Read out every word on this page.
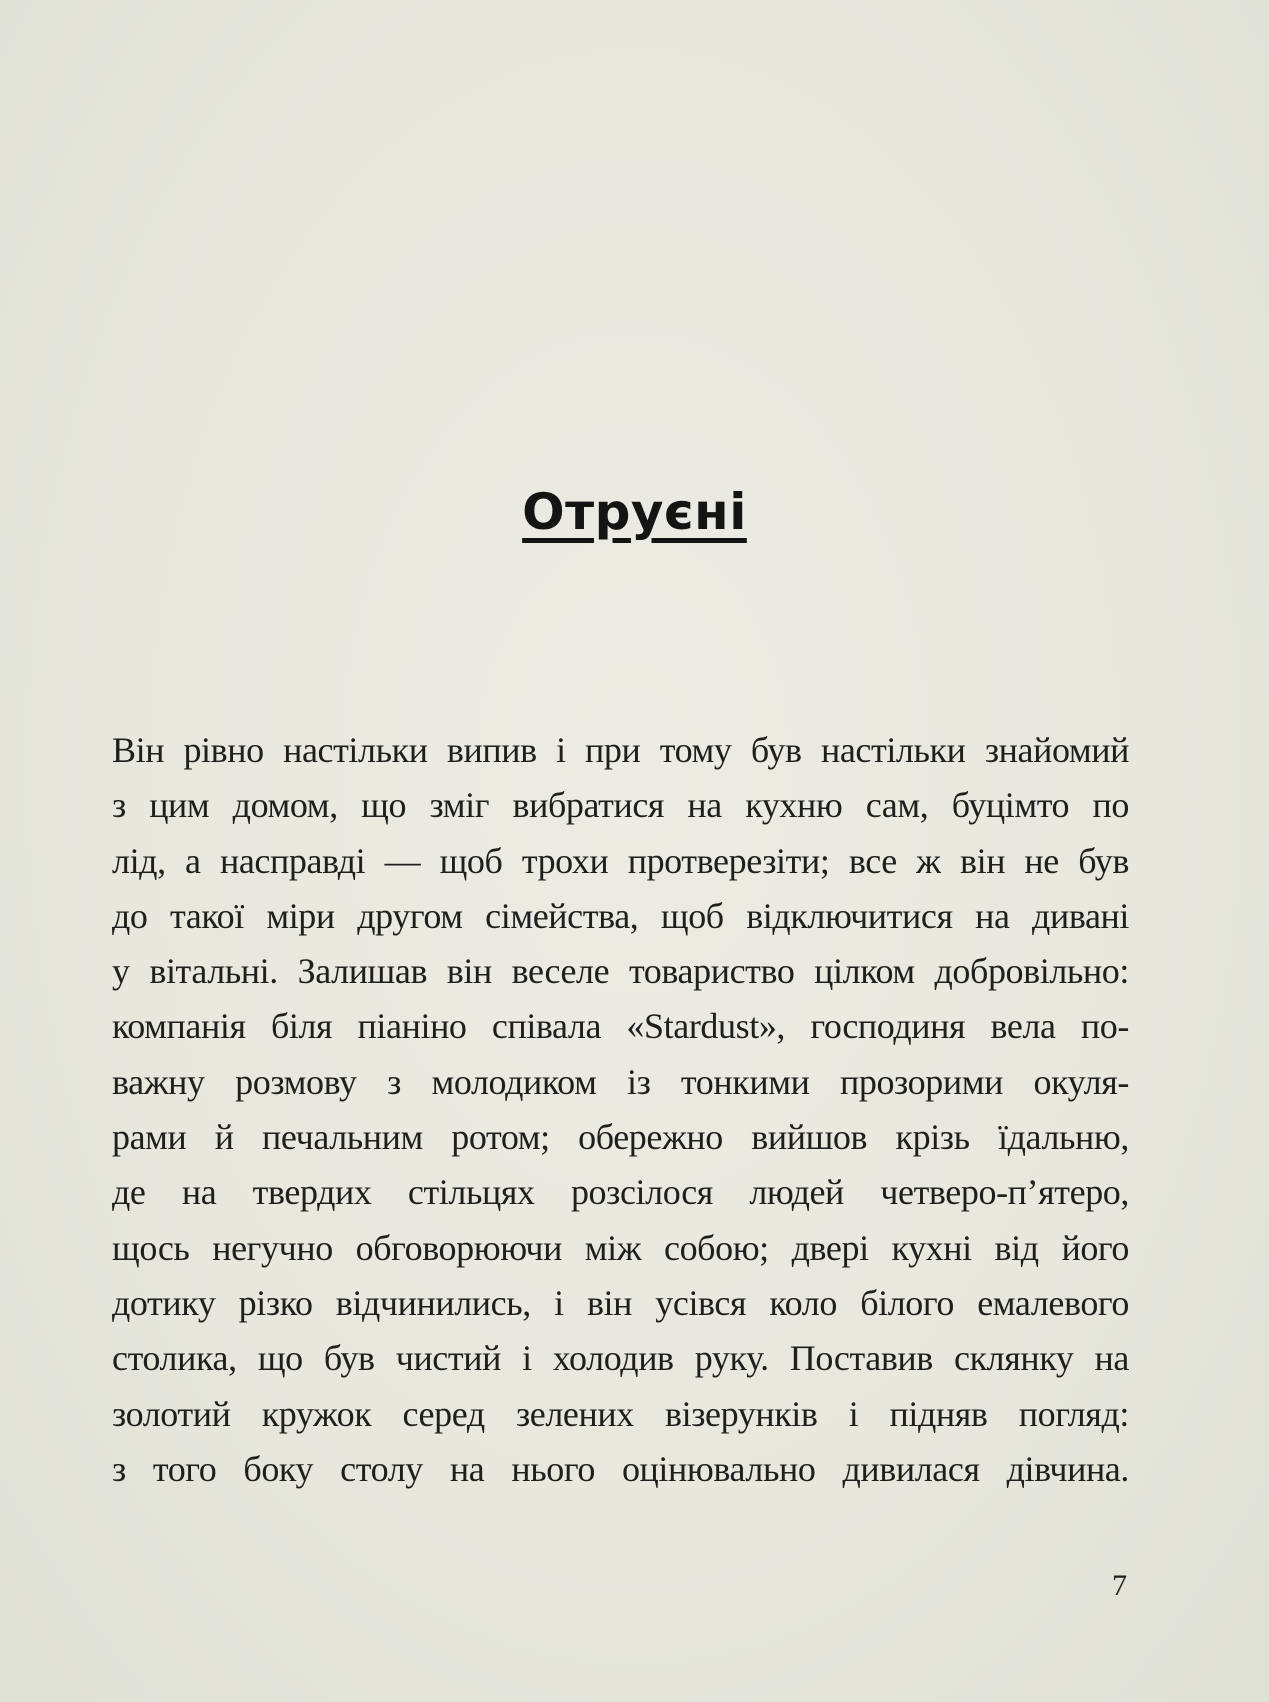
Отруєні
Він рівно настільки випив і при тому був настільки знайомий
з цим домом, що зміг вибратися на кухню сам, буцімто по
лід, а насправді — щоб трохи протверезіти; все ж він не був
до такої міри другом сімейства, щоб відключитися на дивані
у вітальні. Залишав він веселе товариство цілком добровільно:
компанія біля піаніно співала «Stardust», господиня вела по-
важну розмову з молодиком із тонкими прозорими окуля-
рами й печальним ротом; обережно вийшов крізь їдальню,
де на твердих стільцях розсілося людей четверо-п’ятеро,
щось негучно обговорюючи між собою; двері кухні від його
дотику різко відчинились, і він усівся коло білого емалевого
столика, що був чистий і холодив руку. Поставив склянку на
золотий кружок серед зелених візерунків і підняв погляд:
з того боку столу на нього оцінювально дивилася дівчина.

7
